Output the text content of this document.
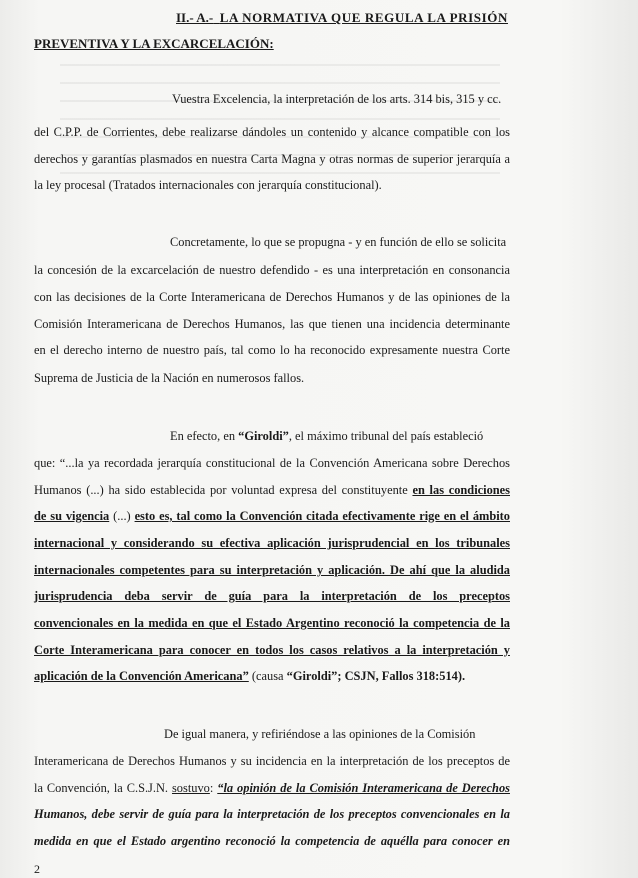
II.- A.- LA NORMATIVA QUE REGULA LA PRISIÓN
PREVENTIVA Y LA EXCARCELACIÓN:
Vuestra Excelencia, la interpretación de los arts. 314 bis, 315 y cc.
del C.P.P. de Corrientes, debe realizarse dándoles un contenido y alcance compatible con los
derechos y garantías plasmados en nuestra Carta Magna y otras normas de superior jerarquía a
la ley procesal (Tratados internacionales con jerarquía constitucional).
Concretamente, lo que se propugna - y en función de ello se solicita
la concesión de la excarcelación de nuestro defendido - es una interpretación en consonancia
con las decisiones de la Corte Interamericana de Derechos Humanos y de las opiniones de la
Comisión Interamericana de Derechos Humanos, las que tienen una incidencia determinante
en el derecho interno de nuestro país, tal como lo ha reconocido expresamente nuestra Corte
Suprema de Justicia de la Nación en numerosos fallos.
En efecto, en “Giroldi”, el máximo tribunal del país estableció
que: “...la ya recordada jerarquía constitucional de la Convención Americana sobre Derechos
Humanos (...) ha sido establecida por voluntad expresa del constituyente en las condiciones
de su vigencia (...) esto es, tal como la Convención citada efectivamente rige en el ámbito
internacional y considerando su efectiva aplicación jurisprudencial en los tribunales
internacionales competentes para su interpretación y aplicación. De ahí que la aludida
jurisprudencia deba servir de guía para la interpretación de los preceptos
convencionales en la medida en que el Estado Argentino reconoció la competencia de la
Corte Interamericana para conocer en todos los casos relativos a la interpretación y
aplicación de la Convención Americana” (causa “Giroldi”; CSJN, Fallos 318:514).
De igual manera, y refiriéndose a las opiniones de la Comisión
Interamericana de Derechos Humanos y su incidencia en la interpretación de los preceptos de
la Convención, la C.S.J.N. sostuvo: “la opinión de la Comisión Interamericana de Derechos
Humanos, debe servir de guía para la interpretación de los preceptos convencionales en la
medida en que el Estado argentino reconoció la competencia de aquélla para conocer en
2
